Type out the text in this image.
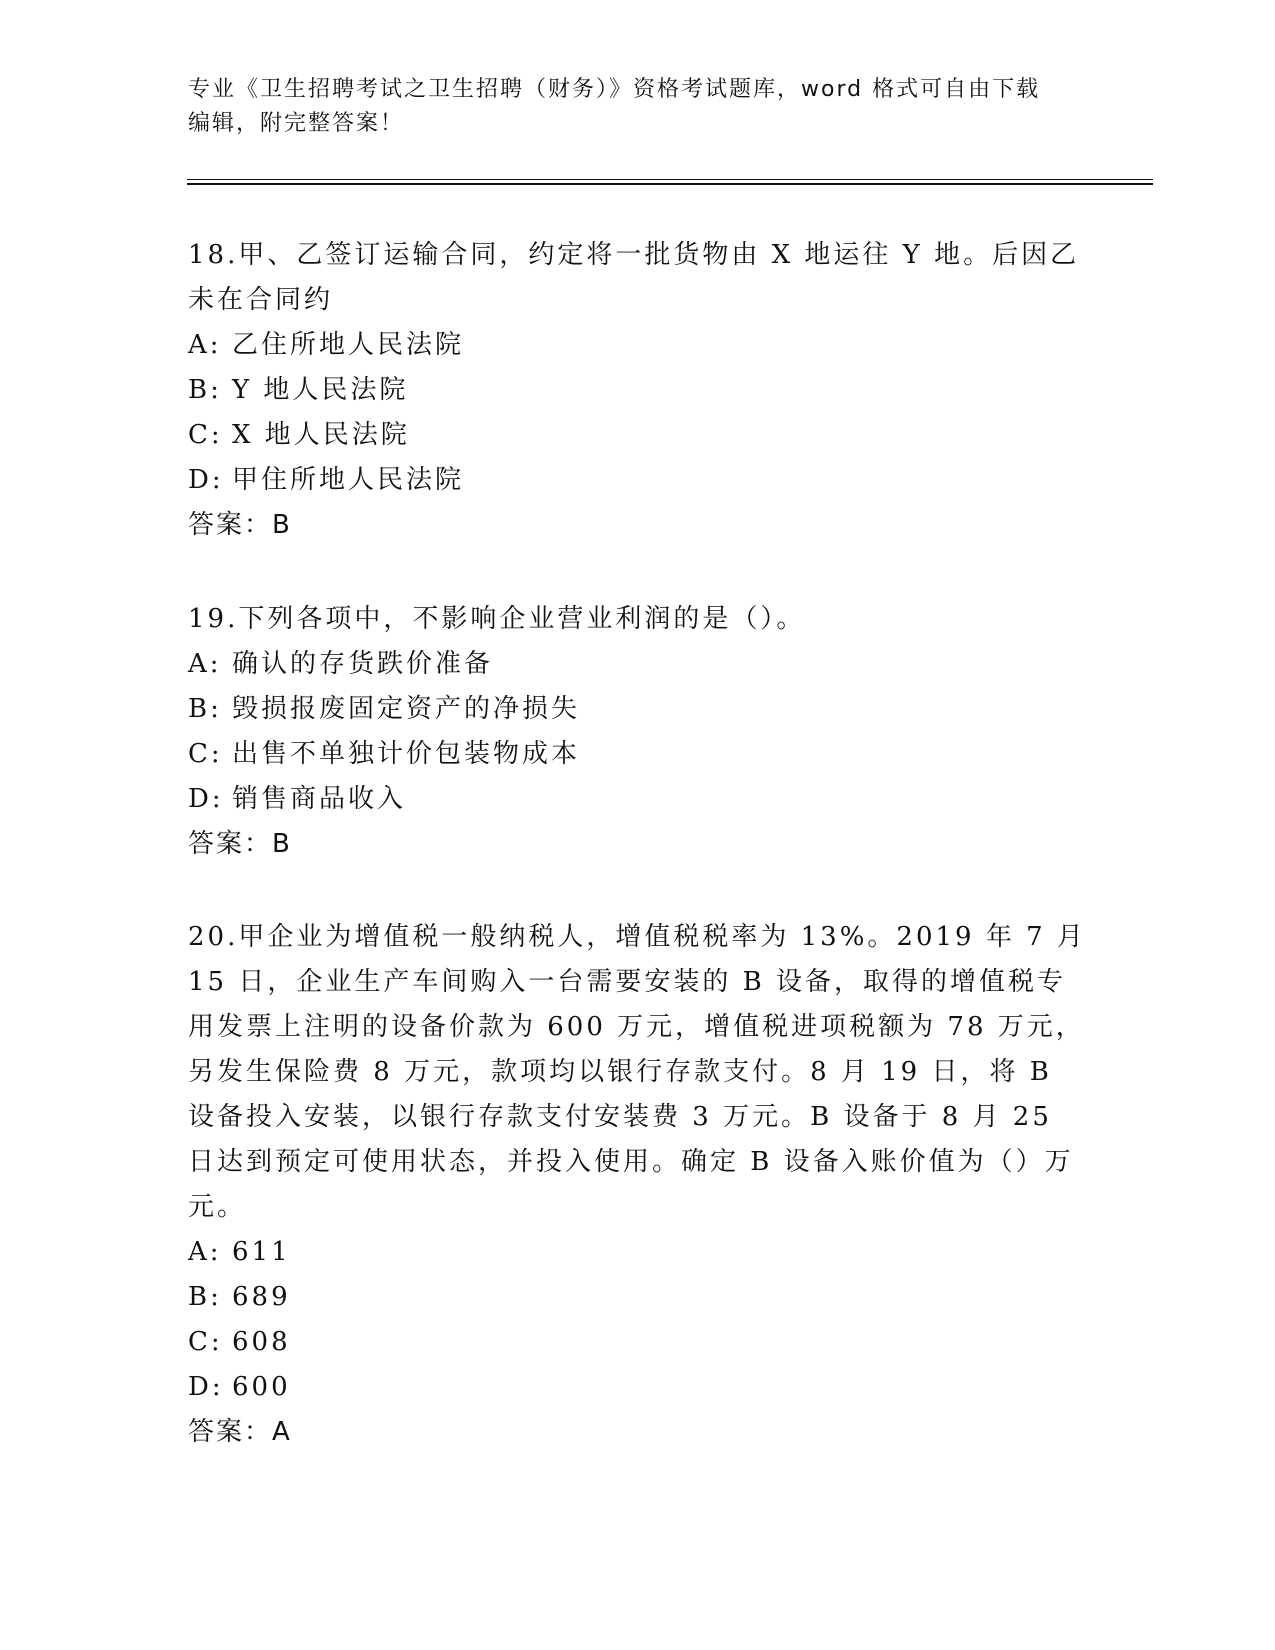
专业《卫生招聘考试之卫生招聘（财务）》资格考试题库，word 格式可自由下载
编辑，附完整答案！

18.甲、乙签订运输合同，约定将一批货物由 X 地运往 Y 地。后因乙未在合同约

A: 乙住所地人民法院
B: Y 地人民法院
C: X 地人民法院
D: 甲住所地人民法院
答案：B

19.下列各项中，不影响企业营业利润的是（）。

A: 确认的存货跌价准备
B: 毁损报废固定资产的净损失
C: 出售不单独计价包装物成本
D: 销售商品收入
答案：B

20.甲企业为增值税一般纳税人，增值税税率为 13%。2019 年 7 月 15 日，企业生产车间购入一台需要安装的 B 设备，取得的增值税专用发票上注明的设备价款为 600 万元，增值税进项税额为 78 万元，另发生保险费 8 万元，款项均以银行存款支付。8 月 19 日，将 B 设备投入安装，以银行存款支付安装费 3 万元。B 设备于 8 月 25 日达到预定可使用状态，并投入使用。确定 B 设备入账价值为（）万元。

A: 611
B: 689
C: 608
D: 600
答案：A
